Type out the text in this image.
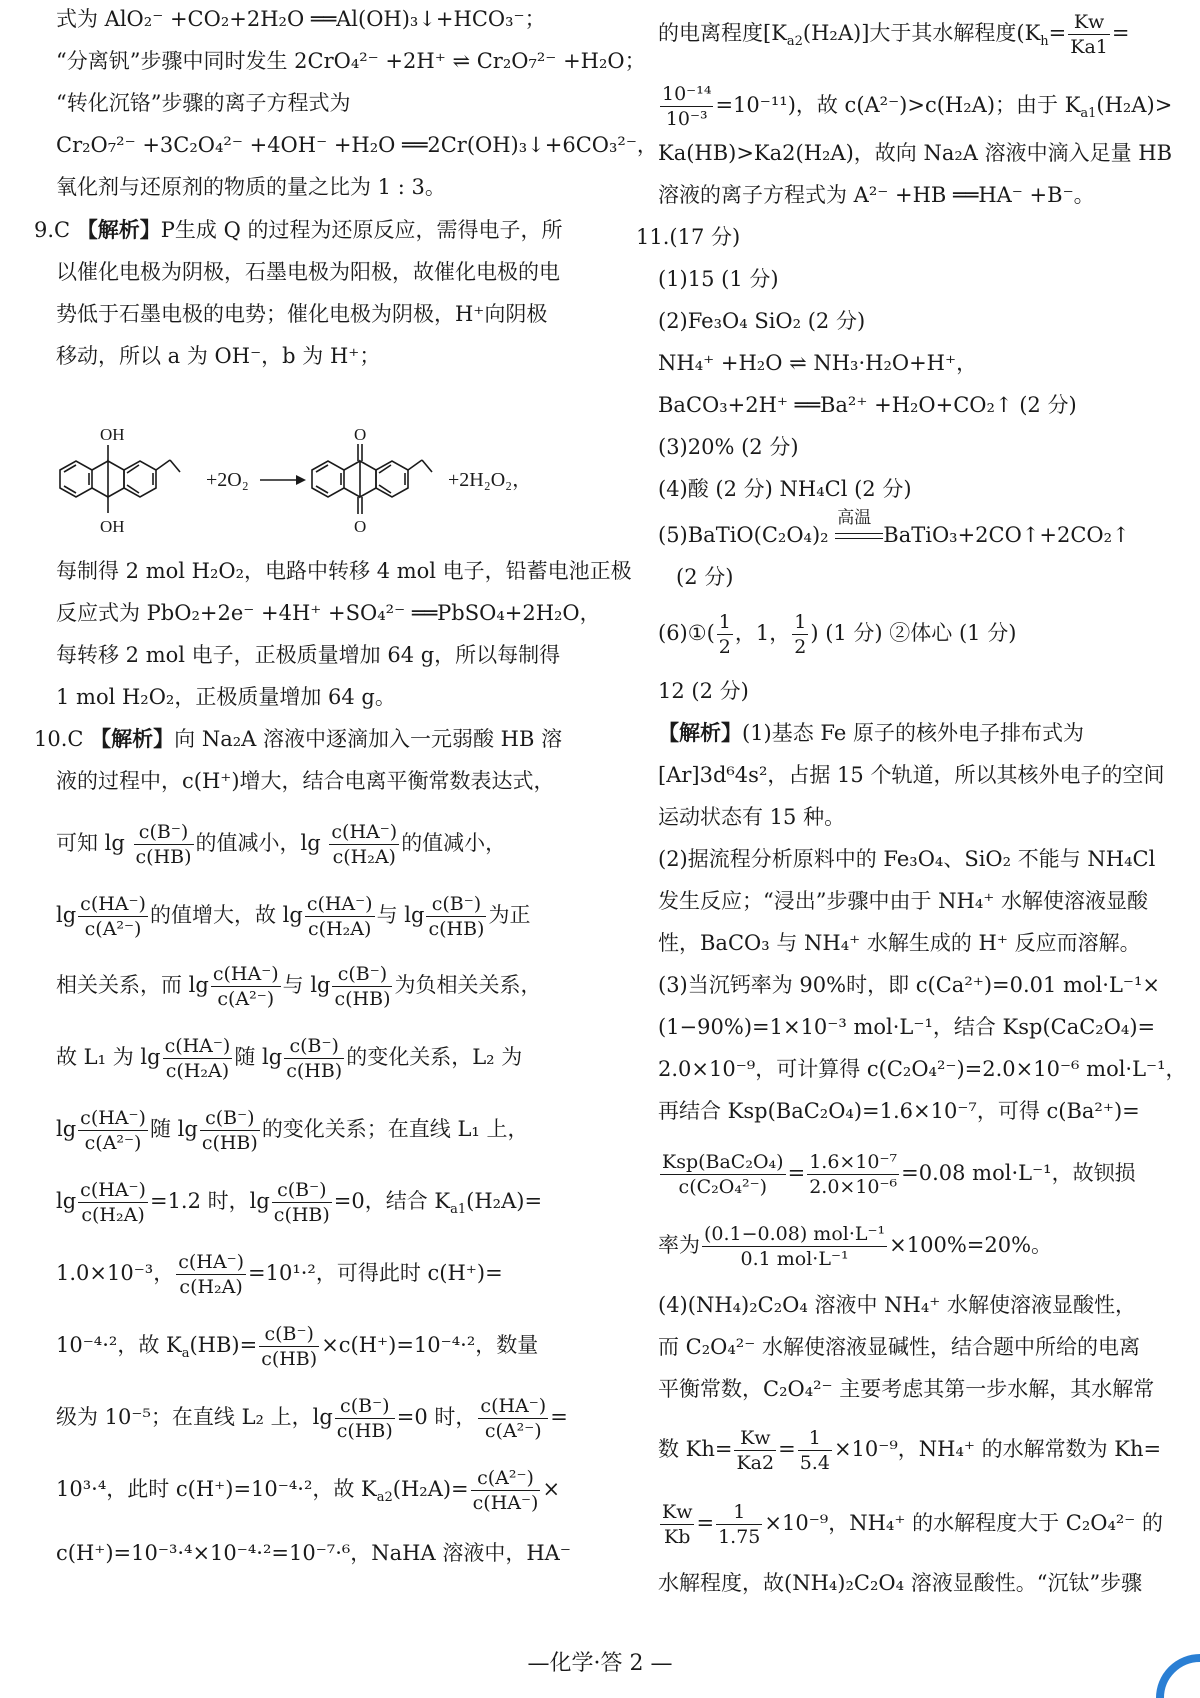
式为 AlO₂⁻ +CO₂+2H₂O ══Al(OH)₃↓+HCO₃⁻；
“分离钒”步骤中同时发生 2CrO₄²⁻ +2H⁺ ⇌ Cr₂O₇²⁻ +H₂O；
“转化沉铬”步骤的离子方程式为
Cr₂O₇²⁻ +3C₂O₄²⁻ +4OH⁻ +H₂O ══2Cr(OH)₃↓+6CO₃²⁻，
氧化剂与还原剂的物质的量之比为 1 : 3。
9.C 【解析】P生成 Q 的过程为还原反应，需得电子，所
以催化电极为阴极，石墨电极为阳极，故催化电极的电
势低于石墨电极的电势；催化电极为阴极，H⁺向阴极
移动，所以 a 为 OH⁻，b 为 H⁺；
OH
OH
+2O₂
O
O
+2H₂O₂，
每制得 2 mol H₂O₂，电路中转移 4 mol 电子，铅蓄电池正极
反应式为 PbO₂+2e⁻ +4H⁺ +SO₄²⁻ ══PbSO₄+2H₂O，
每转移 2 mol 电子，正极质量增加 64 g，所以每制得
1 mol H₂O₂，正极质量增加 64 g。
10.C 【解析】向 Na₂A 溶液中逐滴加入一元弱酸 HB 溶
液的过程中，c(H⁺)增大，结合电离平衡常数表达式，
可知 $\lg \frac{c(B^-)}{c(HB)}$ 的值减小，$\lg \frac{c(HA^-)}{\text{c(H₂A)}}$ 的值减小，
$\lg \frac{c(HA^-)}{\text{c(A²⁻)}}$ 的值增大，故 $\lg \frac{c(HA^-)}{\text{c(H₂A)}}$ 与 $\lg \frac{c(B^-)}{c(HB)}$ 为正
相关关系，而 $\lg \frac{c(HA^-)}{\text{c(A²⁻)}}$ 与 $\lg \frac{c(B^-)}{c(HB)}$ 为负相关关系，
故 L₁ 为 $\lg \frac{c(HA^-)}{\text{c(H₂A)}}$ 随 $\lg \frac{c(B^-)}{c(HB)}$ 的变化关系，L₂ 为
$\lg \frac{c(HA^-)}{\text{c(A²⁻)}}$ 随 $\lg \frac{c(B^-)}{c(HB)}$ 的变化关系；在直线 L₁ 上，
$\lg \frac{c(HA^-)}{\text{c(H₂A)}} =1.2$ 时，$\lg \frac{c(B^-)}{c(HB)} =0$，结合 $K_{a1}(H_2A)=$
1.0×10⁻³， $\frac{c(HA^-)}{\text{c(H₂A)}} =10^1\cdot^2$，可得此时 c(H⁺)=
10⁻⁴·²，故 $K_a(HB)= \frac{c(B^-)}{c(HB)} \times c(H^+)=10^{-4}\cdot^2$，数量
级为 10⁻⁵；在直线 L₂ 上，$\lg \frac{c(B^-)}{c(HB)} =0$ 时， $\frac{c(HA^-)}{\text{c(A²⁻)}}$ =
10³·⁴，此时 c(H⁺)=10⁻⁴·²，故 $K_{a2}(H_2A)= \frac{\text{c(A²⁻)}}{c(HA^-)}$ ×
c(H⁺)=10⁻³·⁴×10⁻⁴·²=10⁻⁷·⁶，NaHA 溶液中，HA⁻
的电离程度$[K_{a2}(H_2A)]$大于其水解程度($K_h= \frac{Kw}{Ka1}$ =
$\frac{\text{10⁻¹⁴}}{\text{10⁻³}} =10^{-11}$)，故 c(A²⁻)>c(H₂A)；由于 $K_{a1}(H_2A)>$
Ka(HB)>Ka2(H₂A)，故向 Na₂A 溶液中滴入足量 HB
溶液的离子方程式为 A²⁻ +HB ══HA⁻ +B⁻。
11.(17 分)
(1)15 (1 分)
(2)Fe₃O₄ SiO₂ (2 分)
NH₄⁺ +H₂O ⇌ NH₃·H₂O+H⁺，
BaCO₃+2H⁺ ══Ba²⁺ +H₂O+CO₂↑ (2 分)
(3)20% (2 分)
(4)酸 (2 分) NH₄Cl (2 分)
(5)BaTiO(C₂O₄)₂
高温
BaTiO₃+2CO↑+2CO₂↑
(2 分)
(6)①( $\frac{1}{2}$ ，1， $\frac{1}{2}$ ) (1 分) ②体心 (1 分)
12 (2 分)
【解析】(1)基态 Fe 原子的核外电子排布式为
[Ar]3d⁶4s²，占据 15 个轨道，所以其核外电子的空间
运动状态有 15 种。
(2)据流程分析原料中的 Fe₃O₄、SiO₂ 不能与 NH₄Cl
发生反应；“浸出”步骤中由于 NH₄⁺ 水解使溶液显酸
性，BaCO₃ 与 NH₄⁺ 水解生成的 H⁺ 反应而溶解。
(3)当沉钙率为 90%时，即 c(Ca²⁺)=0.01 mol·L⁻¹×
(1−90%)=1×10⁻³ mol·L⁻¹，结合 Ksp(CaC₂O₄)=
2.0×10⁻⁹，可计算得 c(C₂O₄²⁻)=2.0×10⁻⁶ mol·L⁻¹，
再结合 Ksp(BaC₂O₄)=1.6×10⁻⁷，可得 c(Ba²⁺)=
$\frac{\text{Ksp(BaC₂O₄)}}{\text{c(C₂O₄²⁻)}} = \frac{\text{1.6×10⁻⁷}}{\text{2.0×10⁻⁶}} =0.08$ mol·L⁻¹，故钡损
率为 $\frac{\text{(0.1−0.08) mol·L⁻¹}}{\text{0.1 mol·L⁻¹}} \times 100\%=20\%$。
(4)(NH₄)₂C₂O₄ 溶液中 NH₄⁺ 水解使溶液显酸性，
而 C₂O₄²⁻ 水解使溶液显碱性，结合题中所给的电离
平衡常数，C₂O₄²⁻ 主要考虑其第一步水解，其水解常
数 $Kh= \frac{Kw}{Ka2} = \frac{1}{5.4} \times 10^{-9}$，NH₄⁺ 的水解常数为 Kh=
$\frac{Kw}{Kb} = \frac{1}{1.75} \times 10^{-9}$，NH₄⁺ 的水解程度大于 C₂O₄²⁻ 的
水解程度，故(NH₄)₂C₂O₄ 溶液显酸性。“沉钛”步骤
—化学·答 2 —
